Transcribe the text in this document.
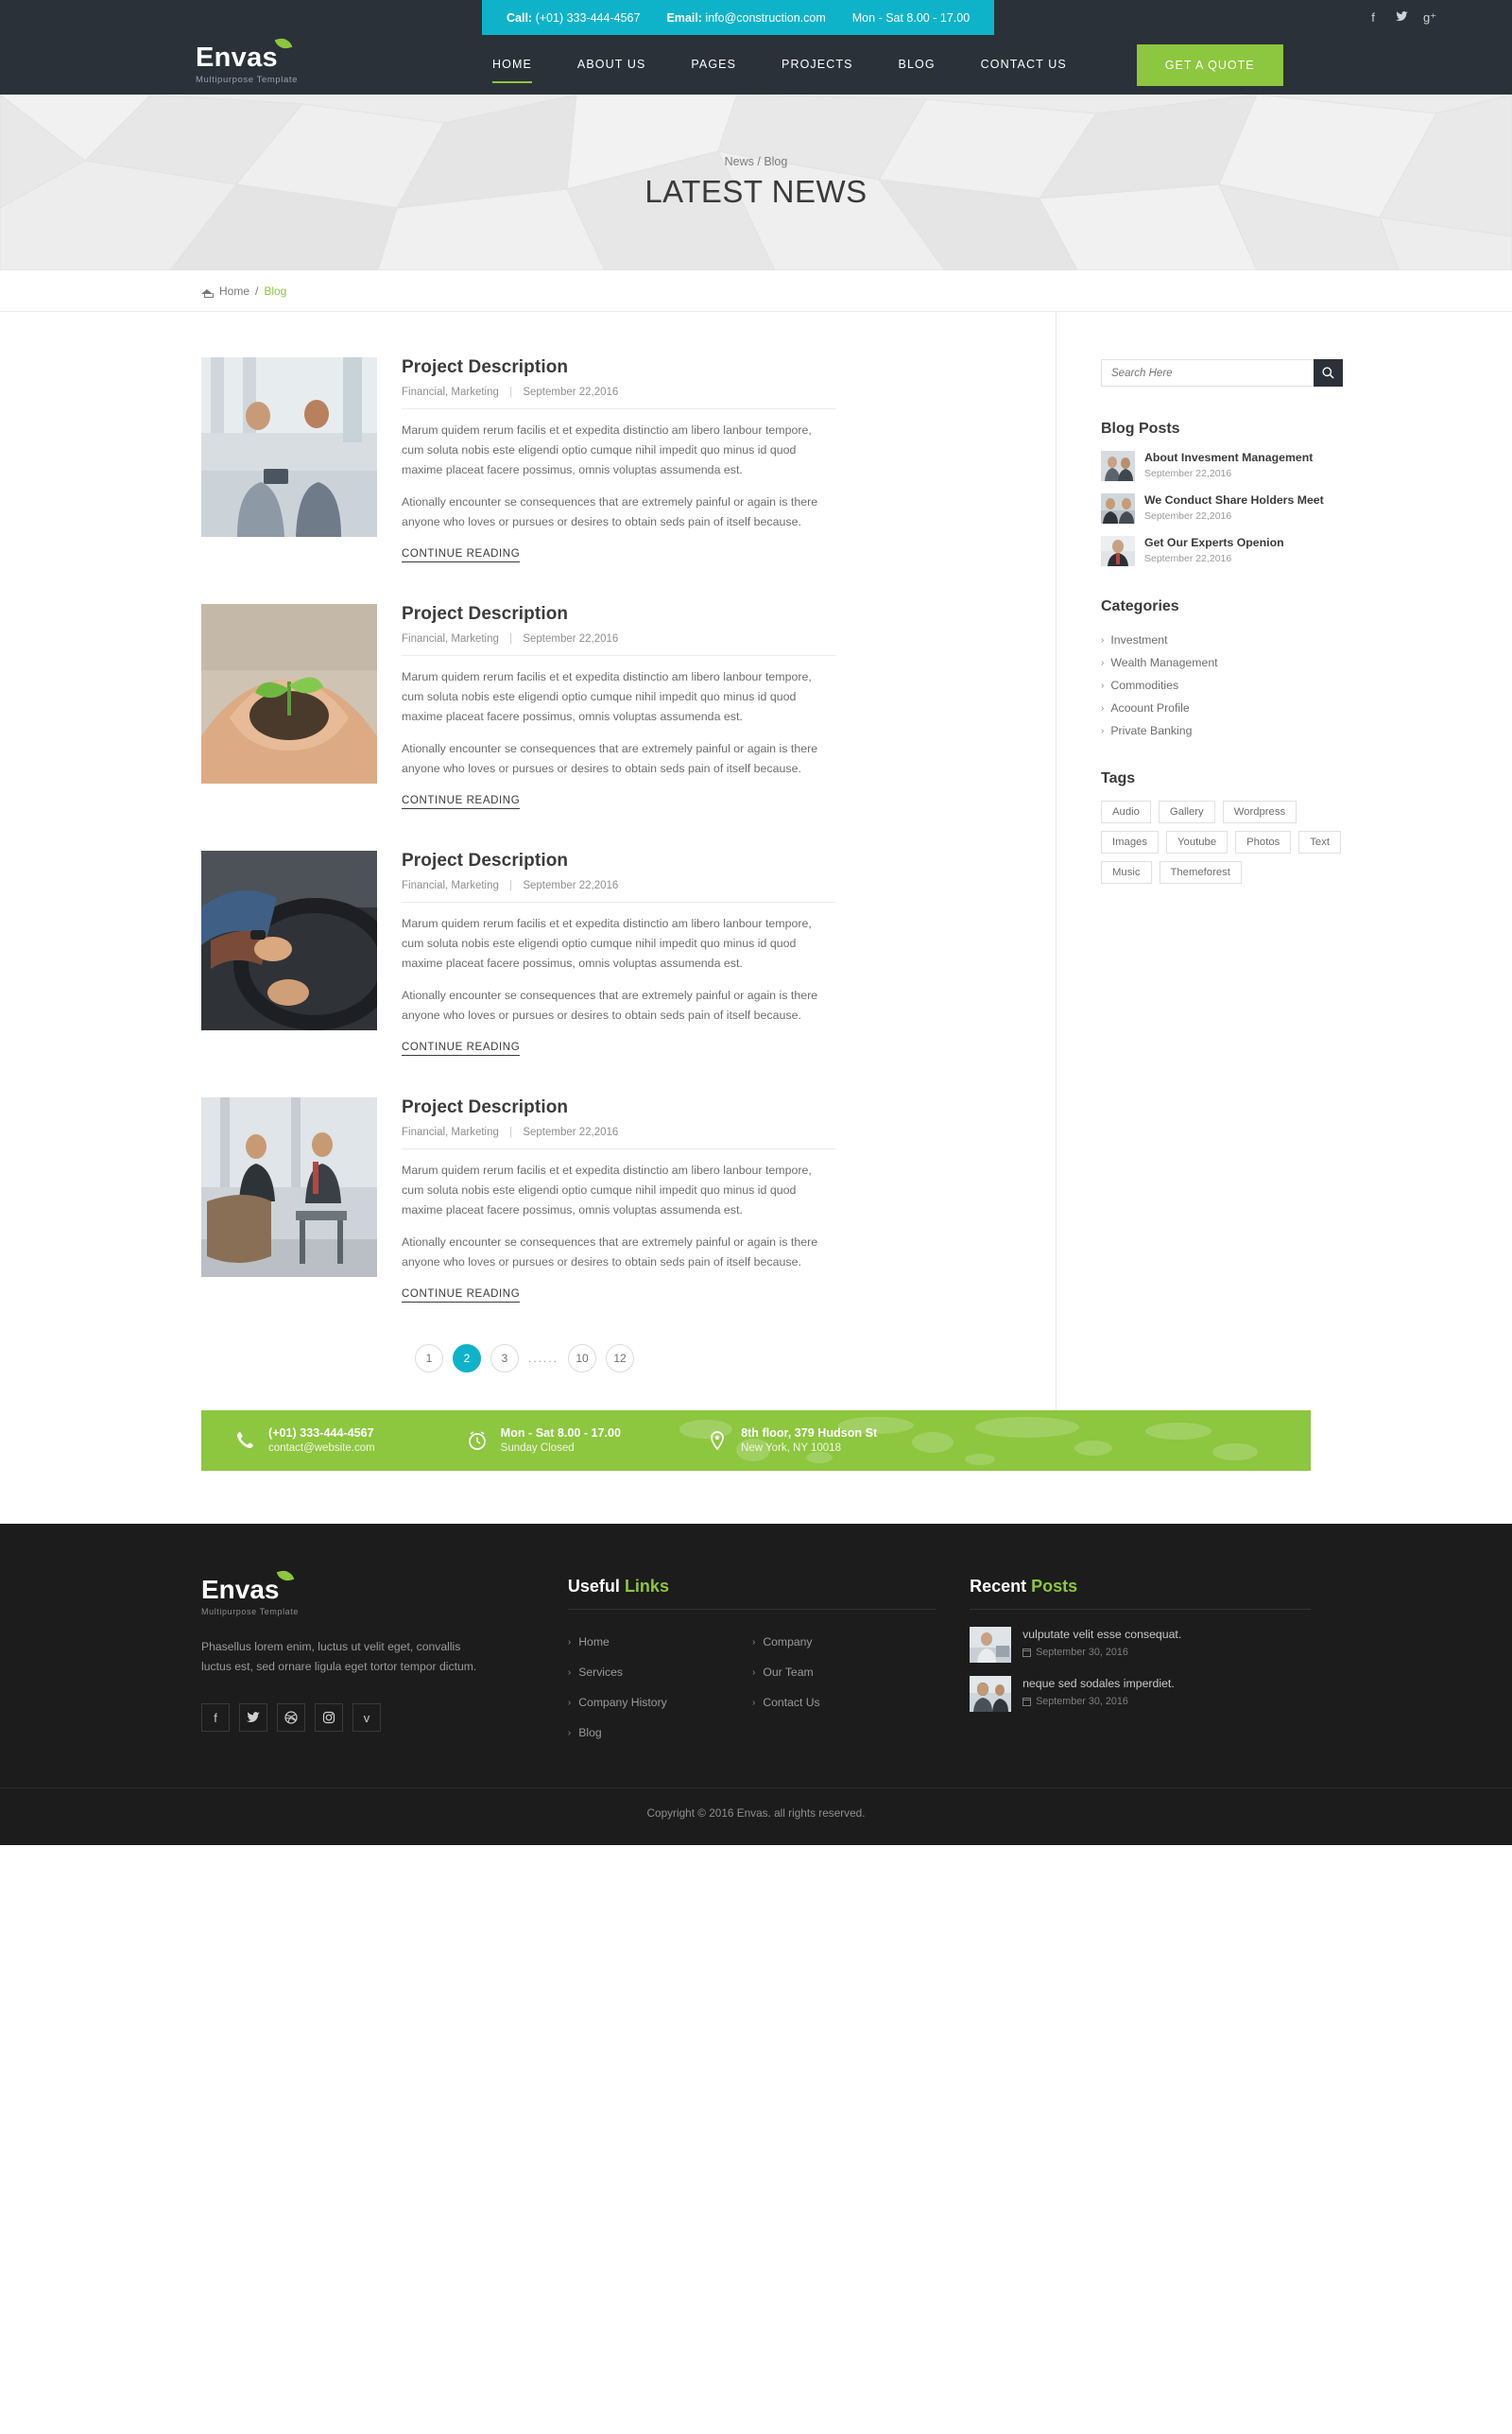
Call: (+01) 333-444-4567 Email: info@construction.com Mon - Sat 8.00 - 17.00	f	g⁺
Envas
Multipurpose Template
HOME	ABOUT US	PAGES	PROJECTS	BLOG	CONTACT US	GET A QUOTE
News / Blog
LATEST NEWS
Home / Blog
Project Description
Financial, Marketing | September 22,2016
Marum quidem rerum facilis et et expedita distinctio am libero lanbour tempore, cum soluta nobis este eligendi optio cumque nihil impedit quo minus id quod maxime placeat facere possimus, omnis voluptas assumenda est.
Ationally encounter se consequences that are extremely painful or again is there anyone who loves or pursues or desires to obtain seds pain of itself because.
CONTINUE READING
Project Description
Financial, Marketing | September 22,2016
Marum quidem rerum facilis et et expedita distinctio am libero lanbour tempore, cum soluta nobis este eligendi optio cumque nihil impedit quo minus id quod maxime placeat facere possimus, omnis voluptas assumenda est.
Ationally encounter se consequences that are extremely painful or again is there anyone who loves or pursues or desires to obtain seds pain of itself because.
CONTINUE READING
Project Description
Financial, Marketing | September 22,2016
Marum quidem rerum facilis et et expedita distinctio am libero lanbour tempore, cum soluta nobis este eligendi optio cumque nihil impedit quo minus id quod maxime placeat facere possimus, omnis voluptas assumenda est.
Ationally encounter se consequences that are extremely painful or again is there anyone who loves or pursues or desires to obtain seds pain of itself because.
CONTINUE READING
Project Description
Financial, Marketing | September 22,2016
Marum quidem rerum facilis et et expedita distinctio am libero lanbour tempore, cum soluta nobis este eligendi optio cumque nihil impedit quo minus id quod maxime placeat facere possimus, omnis voluptas assumenda est.
Ationally encounter se consequences that are extremely painful or again is there anyone who loves or pursues or desires to obtain seds pain of itself because.
CONTINUE READING
1	2	3	......	10	12
Search Here
Blog Posts
About Invesment Management
September 22,2016
We Conduct Share Holders Meet
September 22,2016
Get Our Experts Openion
September 22,2016
Categories
› Investment
› Wealth Management
› Commodities
› Acoount Profile
› Private Banking
Tags
Audio	Gallery	Wordpress
Images	Youtube	Photos	Text
Music	Themeforest
(+01) 333-444-4567
contact@website.com
Mon - Sat 8.00 - 17.00
Sunday Closed
8th floor, 379 Hudson St
New York, NY 10018
Envas
Multipurpose Template
Phasellus lorem enim, luctus ut velit eget, convallis luctus est, sed ornare ligula eget tortor tempor dictum.
f	v
Useful Links
› Home
› Services
› Company History
› Blog
› Company
› Our Team
› Contact Us
Recent Posts
vulputate velit esse consequat.
September 30, 2016
neque sed sodales imperdiet.
September 30, 2016
Copyright © 2016 Envas. all rights reserved.
